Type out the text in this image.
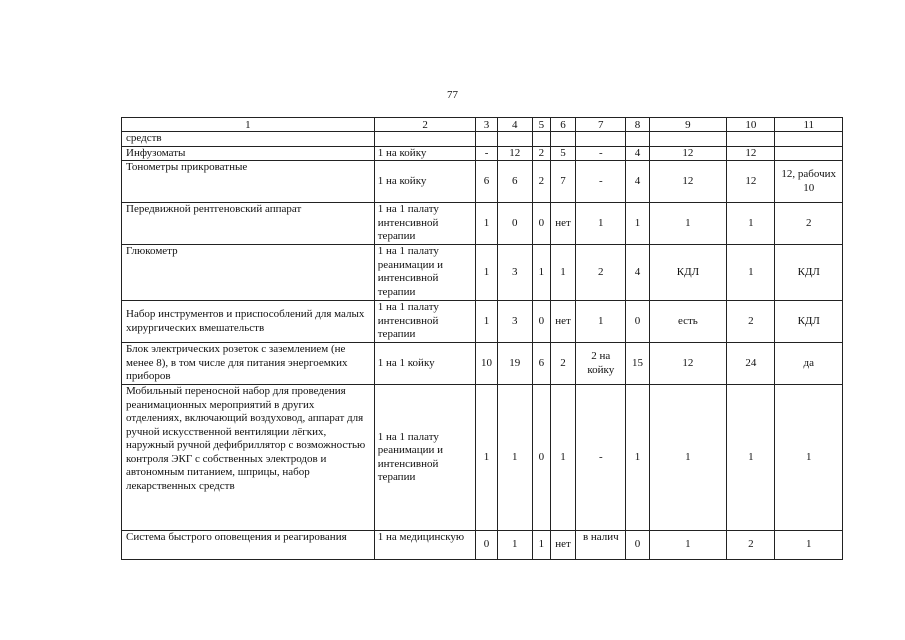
77
1	2	3	4	5	6	7	8	9	10	11
средств										
Инфузоматы	1 на койку	-	12	2	5	-	4	12	12	
Тонометры прикроватные	1 на койку	6	6	2	7	-	4	12	12	12, рабочих 10
Передвижной рентгеновский аппарат	1 на 1 палату интенсивной терапии	1	0	0	нет	1	1	1	1	2
Глюкометр	1 на 1 палату реанимации и интенсивной терапии	1	3	1	1	2	4	КДЛ	1	КДЛ
Набор инструментов и приспособлений для малых хирургических вмешательств	1 на 1 палату интенсивной терапии	1	3	0	нет	1	0	есть	2	КДЛ
Блок электрических розеток с заземлением (не менее 8), в том числе для питания энергоемких приборов	1 на 1 койку	10	19	6	2	2 на койку	15	12	24	да
Мобильный переносной набор для проведения реанимационных мероприятий в других отделениях, включающий воздуховод, аппарат для ручной искусственной вентиляции лёгких, наружный ручной дефибриллятор с возможностью контроля ЭКГ с собственных электродов и автономным питанием, шприцы, набор лекарственных средств	1 на 1 палату реанимации и интенсивной терапии	1	1	0	1	-	1	1	1	1
Система быстрого оповещения и реагирования	1 на медицинскую	0	1	1	нет	в налич	0	1	2	1
